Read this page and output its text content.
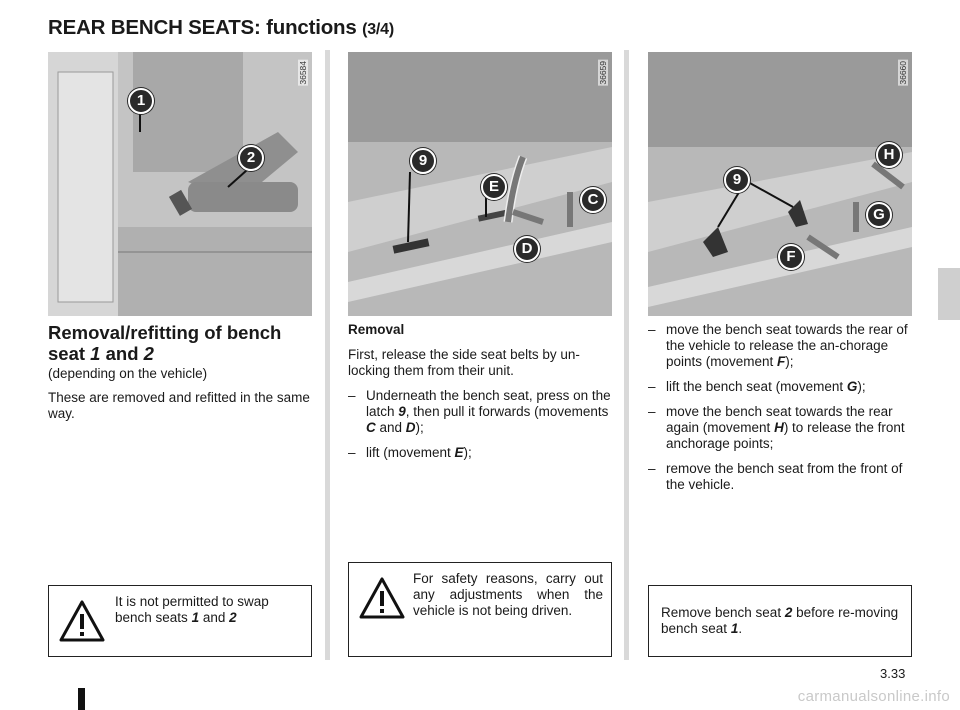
REAR BENCH SEATS: functions (3/4)
36584
1
2
36659
9
E
C
D
36660
9
H
G
F
Removal/refitting of bench
seat 1 and 2

(depending on the vehicle)

These are removed and refitted in the same way.

Removal

First, release the side seat belts by un-locking them from their unit.

– Underneath the bench seat, press on the latch 9, then pull it forwards (movements C and D);

– lift (movement E);

– move the bench seat towards the rear of the vehicle to release the an-chorage points (movement F);

– lift the bench seat (movement G);

– move the bench seat towards the rear again (movement H) to release the front anchorage points;

– remove the bench seat from the front of the vehicle.

It is not permitted to swap bench seats 1 and 2
For safety reasons, carry out any adjustments when the vehicle is not being driven.	Remove bench seat 2 before re-moving bench seat 1.
3.33
carmanualsonline.info
